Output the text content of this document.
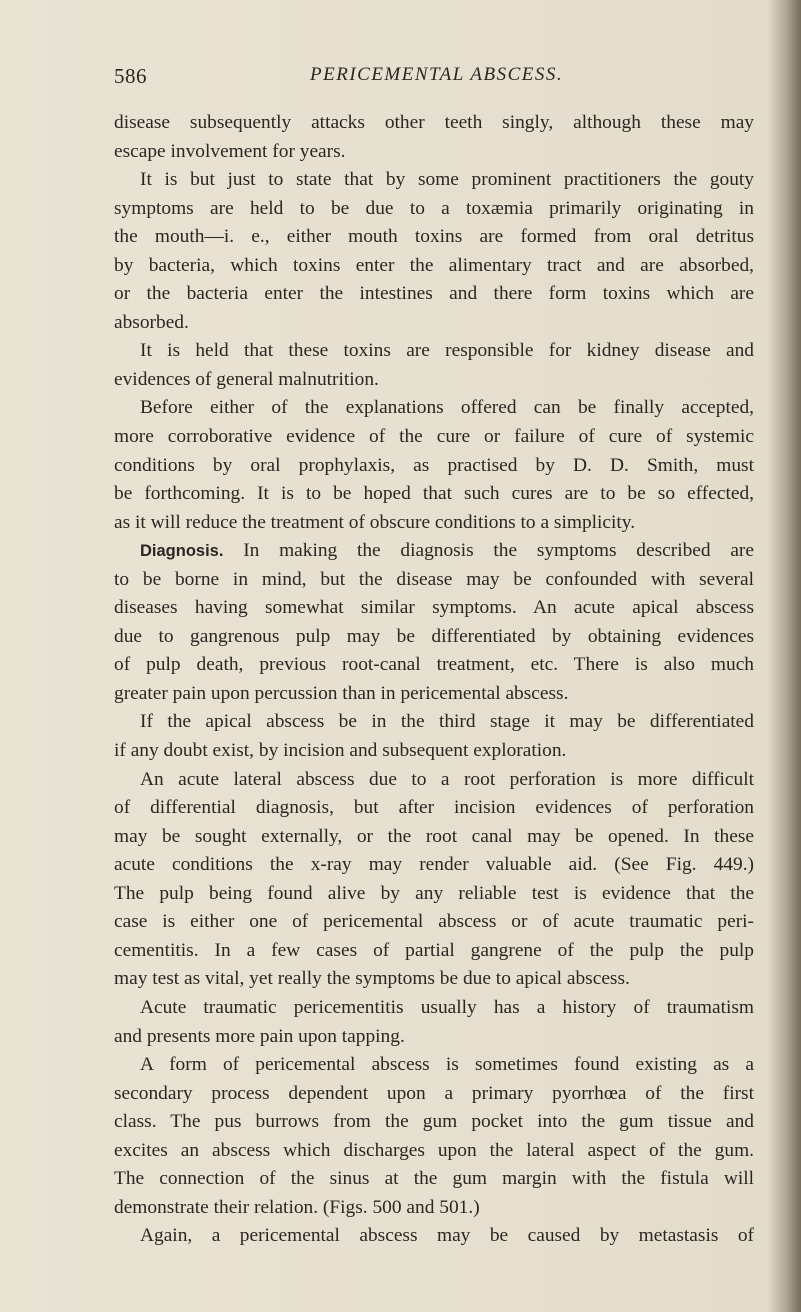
586	PERICEMENTAL ABSCESS.

disease subsequently attacks other teeth singly, although these may

escape involvement for years.

It is but just to state that by some prominent practitioners the gouty

symptoms are held to be due to a toxæmia primarily originating in

the mouth—i. e., either mouth toxins are formed from oral detritus

by bacteria, which toxins enter the alimentary tract and are absorbed,

or the bacteria enter the intestines and there form toxins which are

absorbed.

It is held that these toxins are responsible for kidney disease and

evidences of general malnutrition.

Before either of the explanations offered can be finally accepted,

more corroborative evidence of the cure or failure of cure of systemic

conditions by oral prophylaxis, as practised by D. D. Smith, must

be forthcoming. It is to be hoped that such cures are to be so effected,

as it will reduce the treatment of obscure conditions to a simplicity.

Diagnosis. In making the diagnosis the symptoms described are

to be borne in mind, but the disease may be confounded with several

diseases having somewhat similar symptoms. An acute apical abscess

due to gangrenous pulp may be differentiated by obtaining evidences

of pulp death, previous root-canal treatment, etc. There is also much

greater pain upon percussion than in pericemental abscess.

If the apical abscess be in the third stage it may be differentiated

if any doubt exist, by incision and subsequent exploration.

An acute lateral abscess due to a root perforation is more difficult

of differential diagnosis, but after incision evidences of perforation

may be sought externally, or the root canal may be opened. In these

acute conditions the x-ray may render valuable aid. (See Fig. 449.)

The pulp being found alive by any reliable test is evidence that the

case is either one of pericemental abscess or of acute traumatic peri-

cementitis. In a few cases of partial gangrene of the pulp the pulp

may test as vital, yet really the symptoms be due to apical abscess.

Acute traumatic pericementitis usually has a history of traumatism

and presents more pain upon tapping.

A form of pericemental abscess is sometimes found existing as a

secondary process dependent upon a primary pyorrhœa of the first

class. The pus burrows from the gum pocket into the gum tissue and

excites an abscess which discharges upon the lateral aspect of the gum.

The connection of the sinus at the gum margin with the fistula will

demonstrate their relation. (Figs. 500 and 501.)

Again, a pericemental abscess may be caused by metastasis of
